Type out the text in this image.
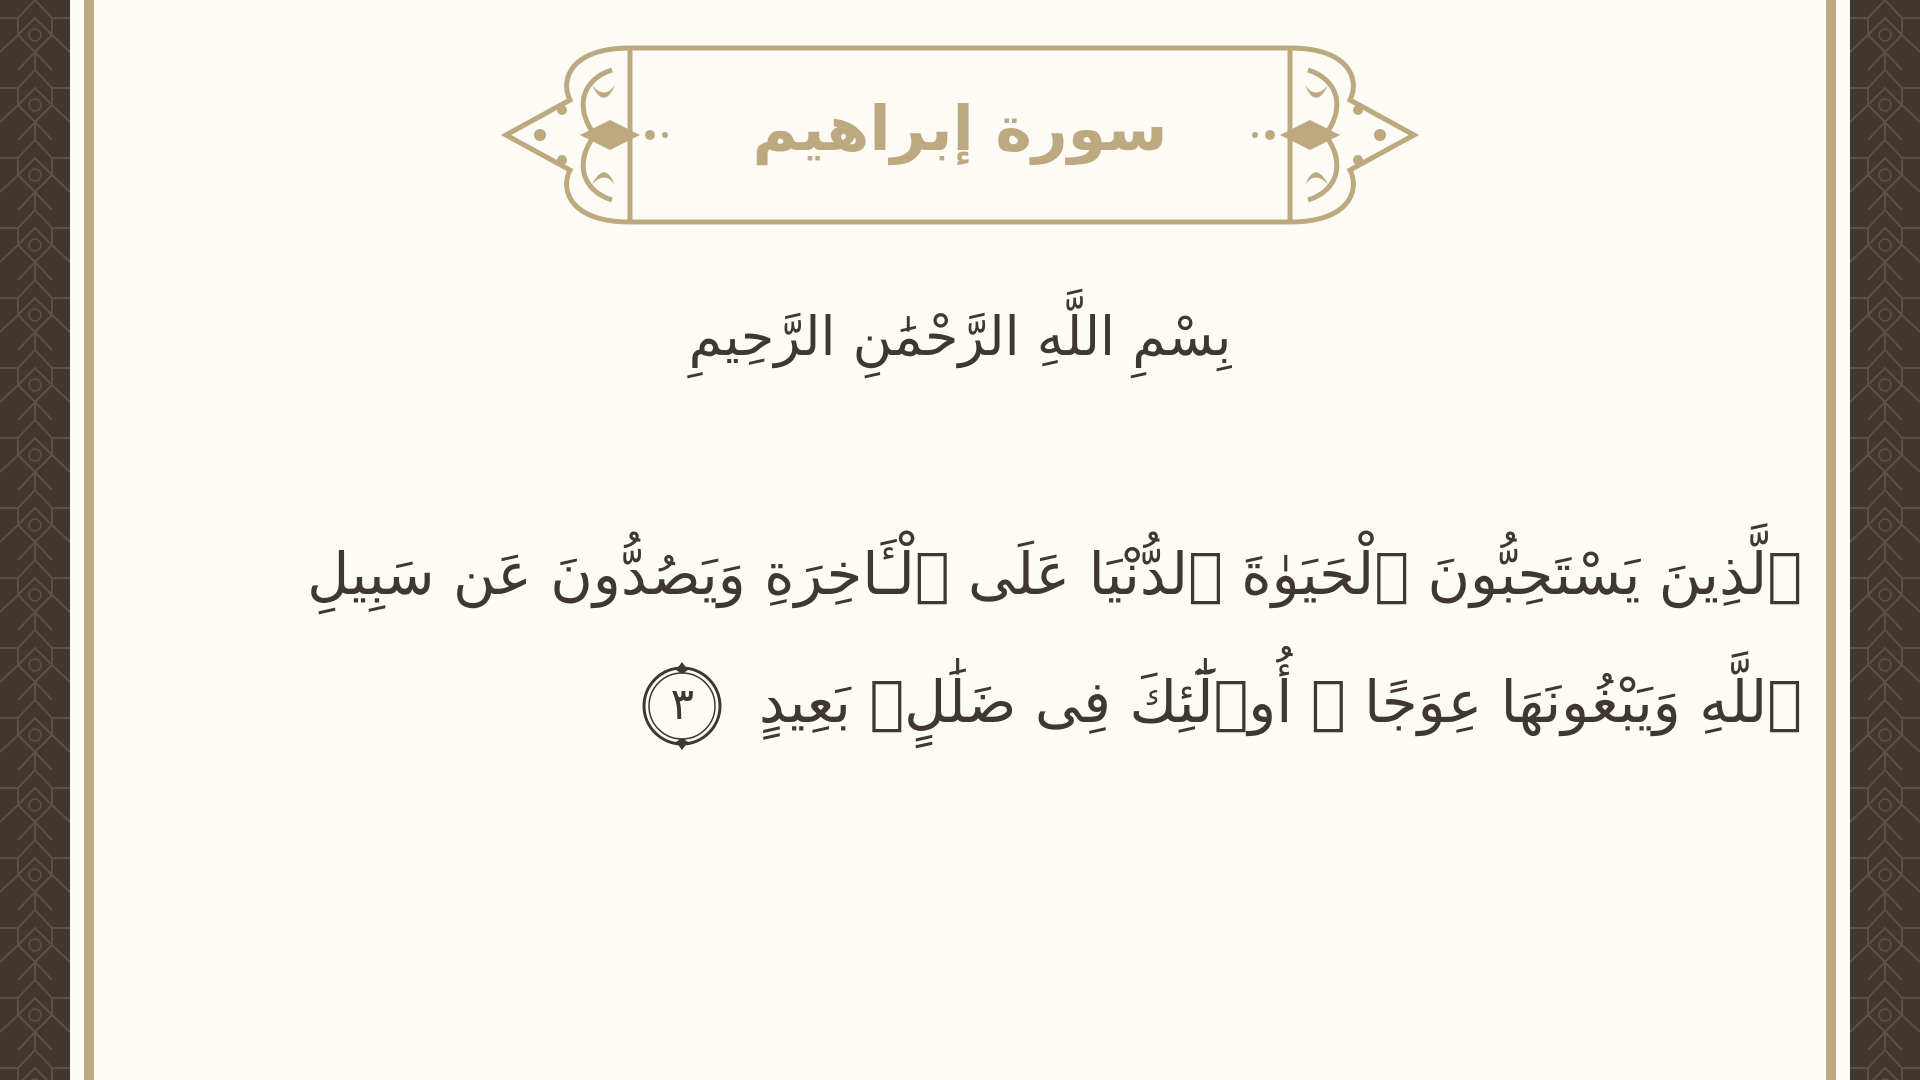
سورة إبراهيم
بِسْمِ اللَّهِ الرَّحْمَٰنِ الرَّحِيمِ
ٱلَّذِينَ يَسْتَحِبُّونَ ٱلْحَيَوٰةَ ٱلدُّنْيَا عَلَى ٱلْـَٔاخِرَةِ وَيَصُدُّونَ عَن سَبِيلِ ٱللَّهِ وَيَبْغُونَهَا عِوَجًا ۚ أُو۟لَٰٓئِكَ فِى ضَلَٰلٍۭ بَعِيدٍ
٣
